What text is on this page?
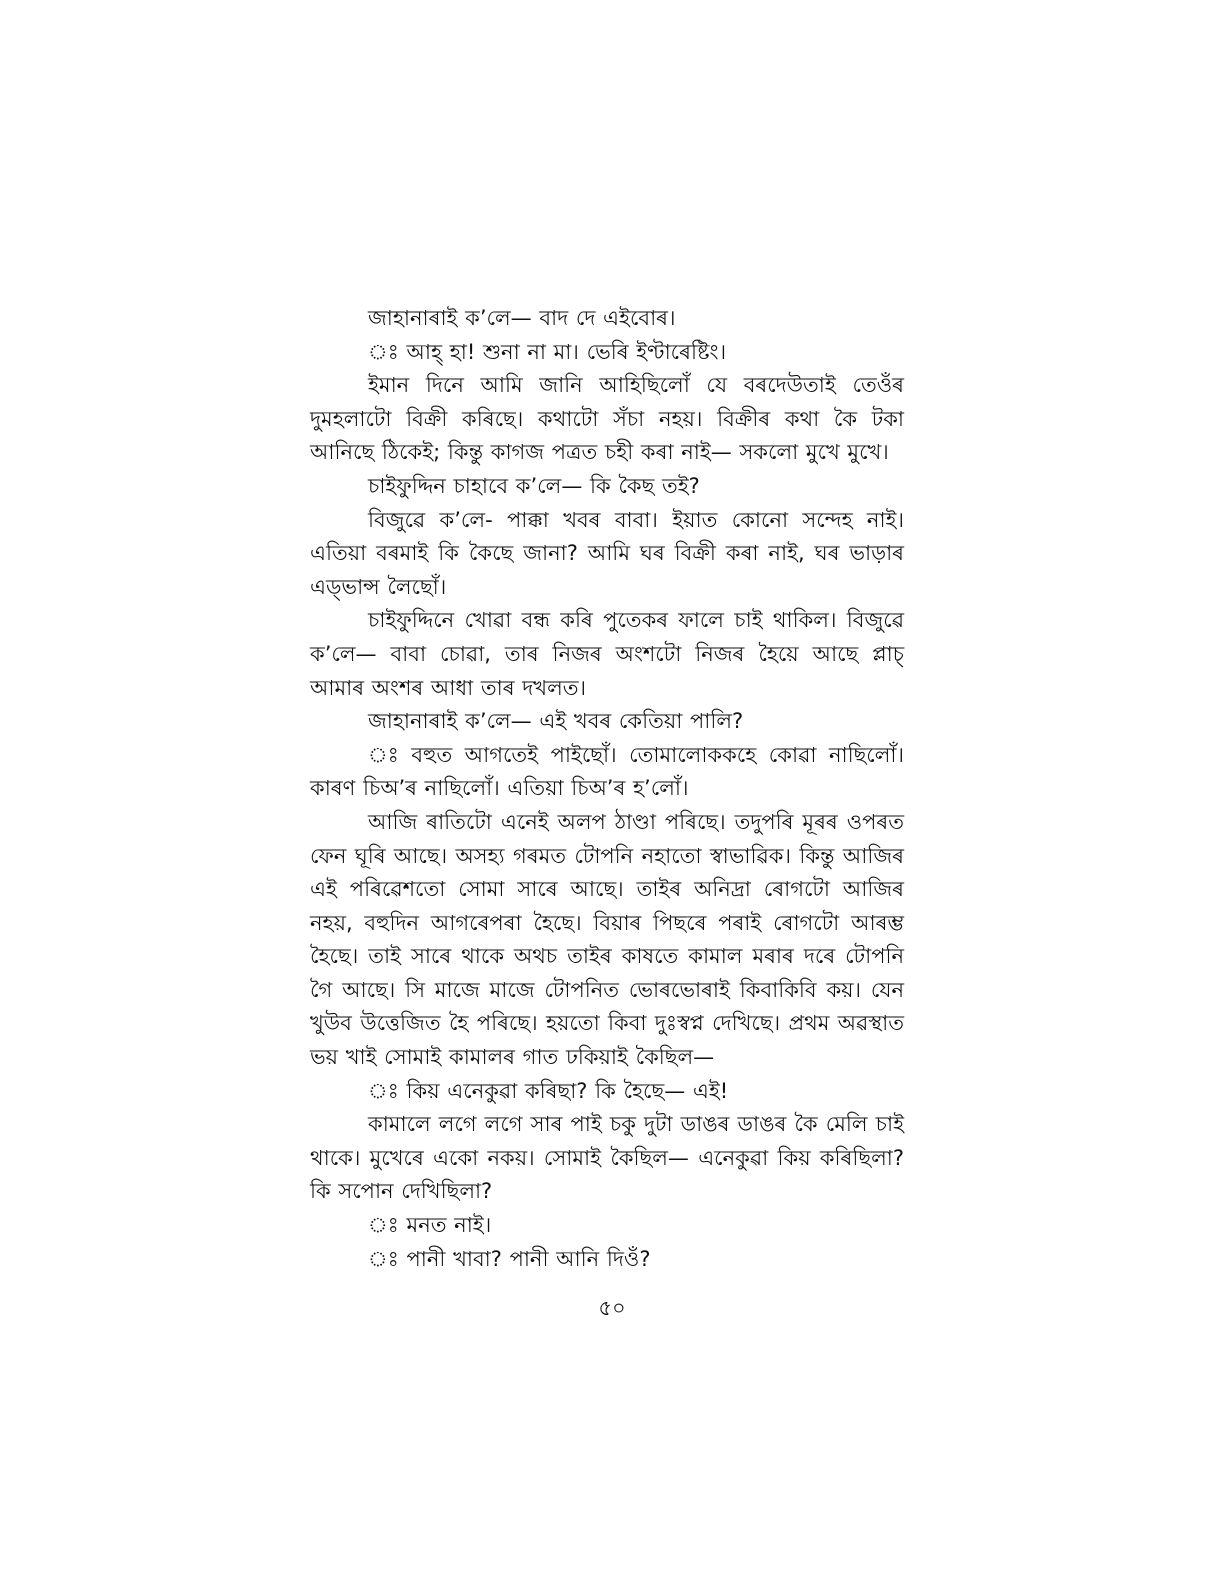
জাহানাৰাই ক’লে— বাদ দে এইবোৰ।

ঃ আহ্‌ হা! শুনা না মা। ভেৰি ইণ্টাৰেষ্টিং।

ইমান দিনে আমি জানি আহিছিলোঁ যে বৰদেউতাই তেওঁৰ দুমহলাটো বিক্ৰী কৰিছে। কথাটো সঁচা নহয়। বিক্ৰীৰ কথা কৈ টকা আনিছে ঠিকেই; কিন্তু কাগজ পত্ৰত চহী কৰা নাই— সকলো মুখে মুখে।

চাইফুদ্দিন চাহাবে ক’লে— কি কৈছ তই?

বিজুৱে ক’লে- পাক্কা খবৰ বাবা। ইয়াত কোনো সন্দেহ নাই। এতিয়া বৰমাই কি কৈছে জানা? আমি ঘৰ বিক্ৰী কৰা নাই, ঘৰ ভাড়াৰ এড্‌ভান্স লৈছোঁ।

চাইফুদ্দিনে খোৱা বন্ধ কৰি পুতেকৰ ফালে চাই থাকিল। বিজুৱে ক’লে— বাবা চোৱা, তাৰ নিজৰ অংশটো নিজৰ হৈয়ে আছে প্লাচ্‌ আমাৰ অংশৰ আধা তাৰ দখলত।

জাহানাৰাই ক’লে— এই খবৰ কেতিয়া পালি?

ঃ বহুত আগতেই পাইছোঁ। তোমালোককহে কোৱা নাছিলোঁ। কাৰণ চিঅ’ৰ নাছিলোঁ। এতিয়া চিঅ’ৰ হ’লোঁ।

আজি ৰাতিটো এনেই অলপ ঠাণ্ডা পৰিছে। তদুপৰি মূৰৰ ওপৰত ফেন ঘূৰি আছে। অসহ্য গৰমত টোপনি নহাতো স্বাভাৱিক। কিন্তু আজিৰ এই পৰিৱেশতো সোমা সাৰে আছে। তাইৰ অনিদ্ৰা ৰোগটো আজিৰ নহয়, বহুদিন আগৰেপৰা হৈছে। বিয়াৰ পিছৰে পৰাই ৰোগটো আৰম্ভ হৈছে। তাই সাৰে থাকে অথচ তাইৰ কাষতে কামাল মৰাৰ দৰে টোপনি গৈ আছে। সি মাজে মাজে টোপনিত ভোৰভোৰাই কিবাকিবি কয়। যেন খুউব উত্তেজিত হৈ পৰিছে। হয়তো কিবা দুঃস্বপ্ন দেখিছে। প্ৰথম অৱস্থাত ভয় খাই সোমাই কামালৰ গাত ঢকিয়াই কৈছিল—

ঃ কিয় এনেকুৱা কৰিছা? কি হৈছে— এই!

কামালে লগে লগে সাৰ পাই চকু দুটা ডাঙৰ ডাঙৰ কৈ মেলি চাই থাকে। মুখেৰে একো নকয়। সোমাই কৈছিল— এনেকুৱা কিয় কৰিছিলা? কি সপোন দেখিছিলা?

ঃ মনত নাই।

ঃ পানী খাবা? পানী আনি দিওঁ?

৫০
